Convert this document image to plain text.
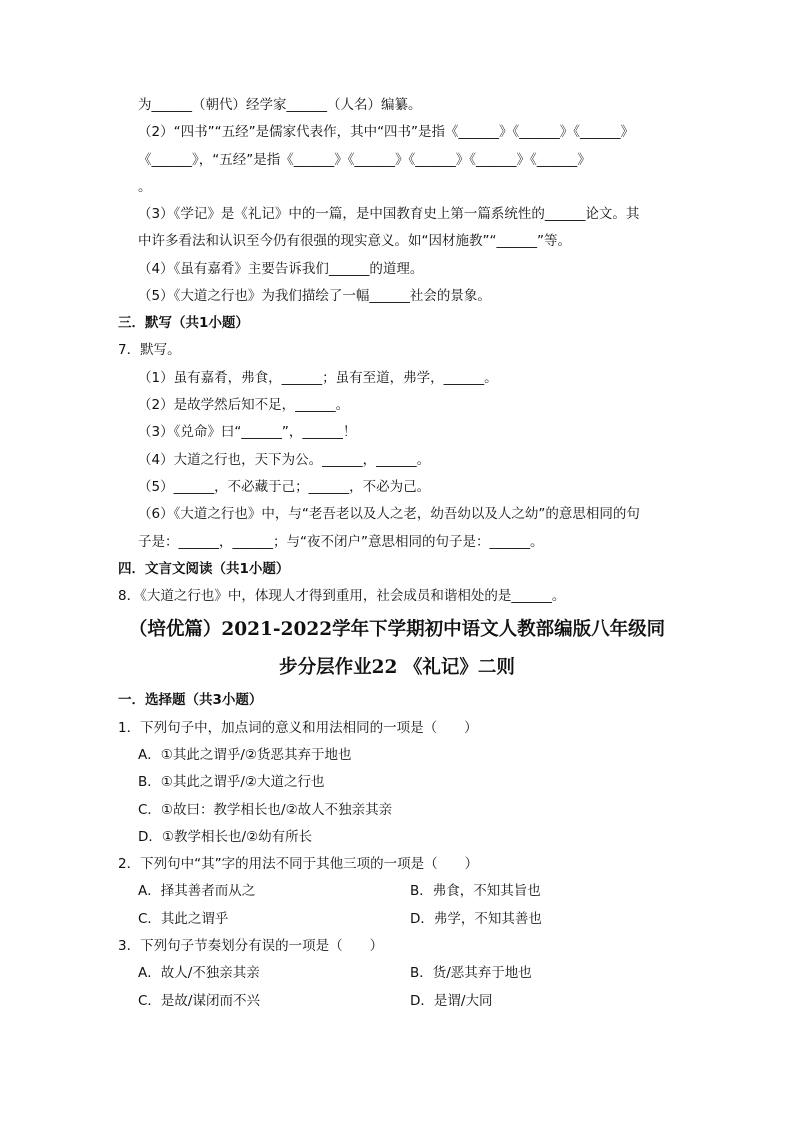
为______（朝代）经学家______（人名）编纂。
（2）“四书”“五经”是儒家代表作，其中“四书”是指《______》《______》《______》
《______》，“五经”是指《______》《______》《______》《______》《______》
。
（3）《学记》是《礼记》中的一篇，是中国教育史上第一篇系统性的______论文。其
中许多看法和认识至今仍有很强的现实意义。如“因材施教”“______”等。
（4）《虽有嘉肴》主要告诉我们______的道理。
（5）《大道之行也》为我们描绘了一幅______社会的景象。
三．默写（共1小题）
7．默写。
（1）虽有嘉肴，弗食，______；虽有至道，弗学，______。
（2）是故学然后知不足，______。
（3）《兑命》曰“______”，______！
（4）大道之行也，天下为公。______，______。
（5）______，不必藏于己；______，不必为己。
（6）《大道之行也》中，与“老吾老以及人之老，幼吾幼以及人之幼”的意思相同的句
子是：______，______；与“夜不闭户”意思相同的句子是：______。
四．文言文阅读（共1小题）
8．《大道之行也》中，体现人才得到重用，社会成员和谐相处的是______。
（培优篇）2021-2022学年下学期初中语文人教部编版八年级同
步分层作业22 《礼记》二则
一．选择题（共3小题）
1．下列句子中，加点词的意义和用法相同的一项是（　　）
A．①其此之谓乎/②货恶其弃于地也
B．①其此之谓乎/②大道之行也
C．①故曰：教学相长也/②故人不独亲其亲
D．①教学相长也/②幼有所长
2．下列句中“其”字的用法不同于其他三项的一项是（　　）
A．择其善者而从之	B．弗食，不知其旨也
C．其此之谓乎	D．弗学，不知其善也
3．下列句子节奏划分有误的一项是（　　）
A．故人/不独亲其亲	B．货/恶其弃于地也
C．是故/谋闭而不兴	D．是谓/大同
